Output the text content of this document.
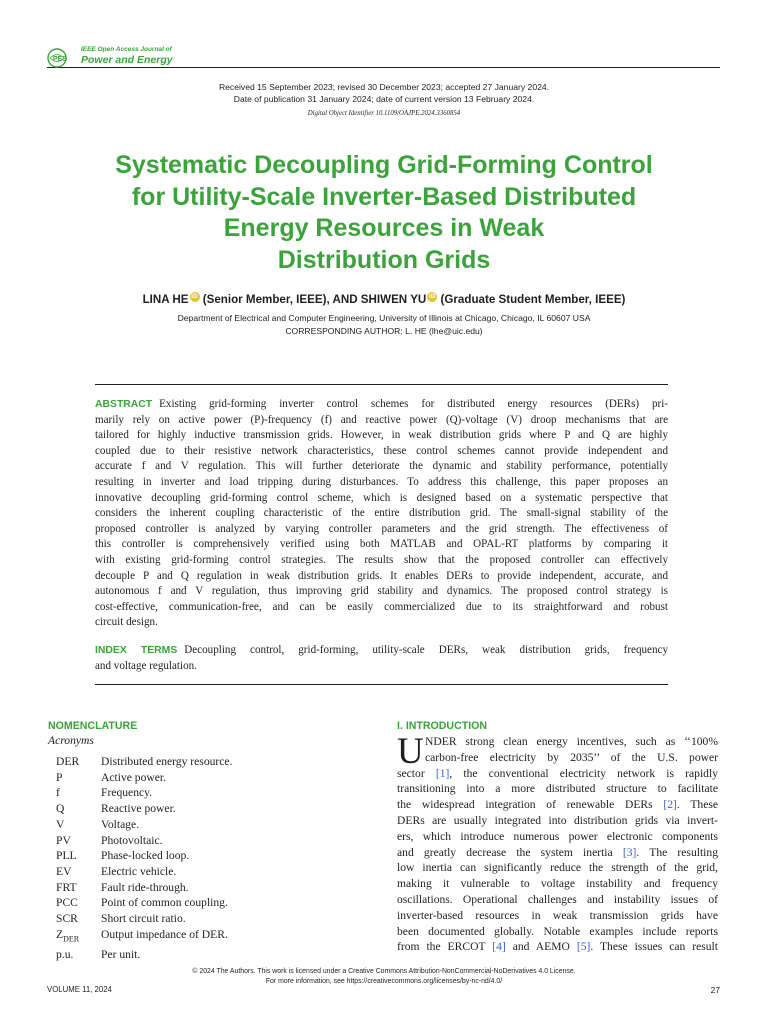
PES
IEEE Open Access Journal of
Power and Energy
Received 15 September 2023; revised 30 December 2023; accepted 27 January 2024.
Date of publication 31 January 2024; date of current version 13 February 2024.
Digital Object Identifier 10.1109/OAJPE.2024.3360854
Systematic Decoupling Grid-Forming Control
for Utility-Scale Inverter-Based Distributed
Energy Resources in Weak
Distribution Grids
LINA HE iD (Senior Member, IEEE), AND SHIWEN YU iD (Graduate Student Member, IEEE)
Department of Electrical and Computer Engineering, University of Illinois at Chicago, Chicago, IL 60607 USA
CORRESPONDING AUTHOR: L. HE (lhe@uic.edu)
ABSTRACT Existing grid-forming inverter control schemes for distributed energy resources (DERs) pri-
marily rely on active power (P)-frequency (f) and reactive power (Q)-voltage (V) droop mechanisms that are
tailored for highly inductive transmission grids. However, in weak distribution grids where P and Q are highly
coupled due to their resistive network characteristics, these control schemes cannot provide independent and
accurate f and V regulation. This will further deteriorate the dynamic and stability performance, potentially
resulting in inverter and load tripping during disturbances. To address this challenge, this paper proposes an
innovative decoupling grid-forming control scheme, which is designed based on a systematic perspective that
considers the inherent coupling characteristic of the entire distribution grid. The small-signal stability of the
proposed controller is analyzed by varying controller parameters and the grid strength. The effectiveness of
this controller is comprehensively verified using both MATLAB and OPAL-RT platforms by comparing it
with existing grid-forming control strategies. The results show that the proposed controller can effectively
decouple P and Q regulation in weak distribution grids. It enables DERs to provide independent, accurate, and
autonomous f and V regulation, thus improving grid stability and dynamics. The proposed control strategy is
cost-effective, communication-free, and can be easily commercialized due to its straightforward and robust
circuit design.
INDEX TERMS Decoupling control, grid-forming, utility-scale DERs, weak distribution grids, frequency
and voltage regulation.
NOMENCLATURE
Acronyms
DER	Distributed energy resource.
P	Active power.
f	Frequency.
Q	Reactive power.
V	Voltage.
PV	Photovoltaic.
PLL	Phase-locked loop.
EV	Electric vehicle.
FRT	Fault ride-through.
PCC	Point of common coupling.
SCR	Short circuit ratio.
$Z_{DER}$	Output impedance of DER.
p.u.	Per unit.
I. INTRODUCTION
U NDER strong clean energy incentives, such as ‘‘100%
carbon-free electricity by 2035’’ of the U.S. power
sector [1], the conventional electricity network is rapidly
transitioning into a more distributed structure to facilitate
the widespread integration of renewable DERs [2]. These
DERs are usually integrated into distribution grids via invert-
ers, which introduce numerous power electronic components
and greatly decrease the system inertia [3]. The resulting
low inertia can significantly reduce the strength of the grid,
making it vulnerable to voltage instability and frequency
oscillations. Operational challenges and instability issues of
inverter-based resources in weak transmission grids have
been documented globally. Notable examples include reports
from the ERCOT [4] and AEMO [5]. These issues can result
© 2024 The Authors. This work is licensed under a Creative Commons Attribution-NonCommercial-NoDerivatives 4.0 License.
For more information, see https://creativecommons.org/licenses/by-nc-nd/4.0/
VOLUME 11, 2024	27
